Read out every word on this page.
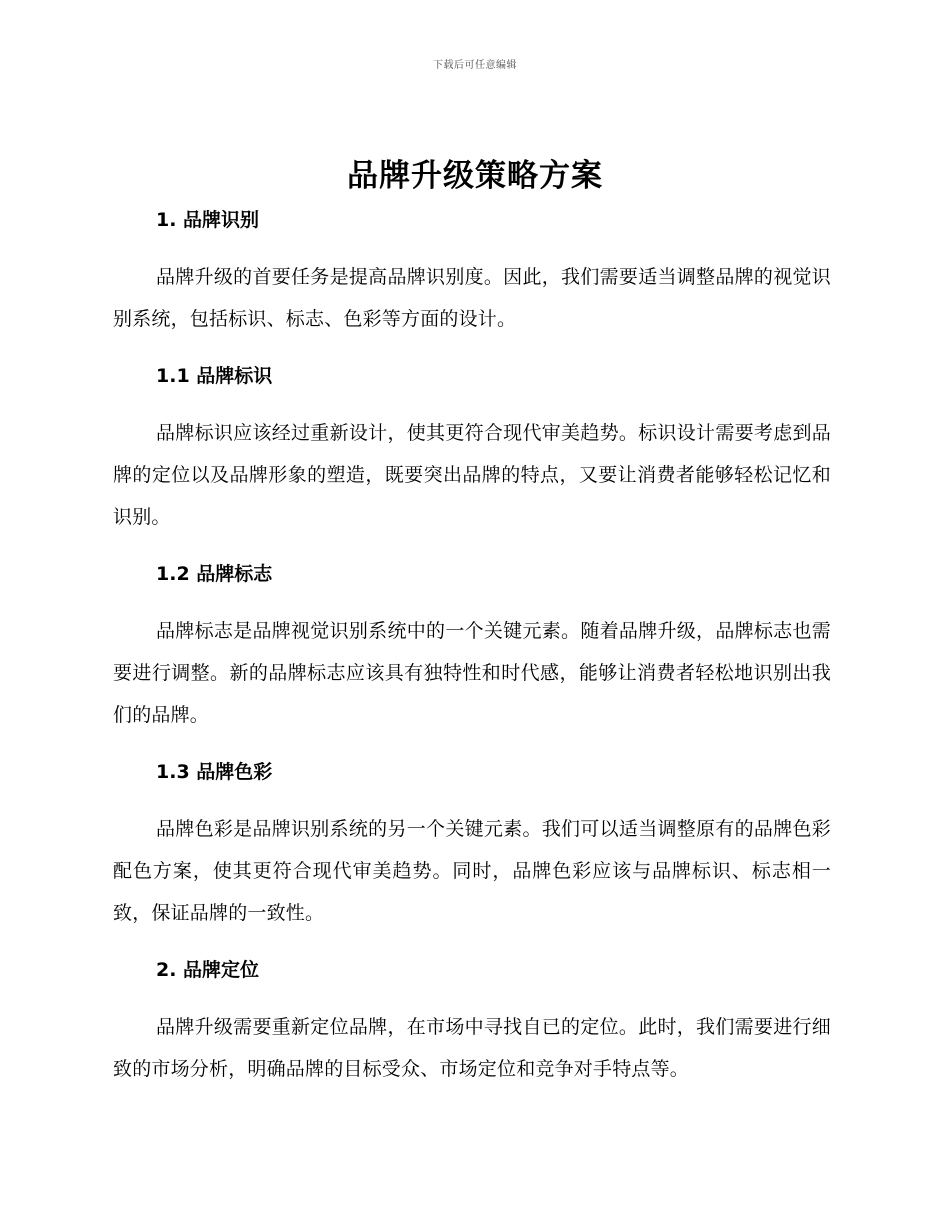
下载后可任意编辑
品牌升级策略方案
1. 品牌识别

品牌升级的首要任务是提高品牌识别度。因此，我们需要适当调整品牌的视觉识别系统，包括标识、标志、色彩等方面的设计。

1.1 品牌标识

品牌标识应该经过重新设计，使其更符合现代审美趋势。标识设计需要考虑到品牌的定位以及品牌形象的塑造，既要突出品牌的特点，又要让消费者能够轻松记忆和识别。

1.2 品牌标志

品牌标志是品牌视觉识别系统中的一个关键元素。随着品牌升级，品牌标志也需要进行调整。新的品牌标志应该具有独特性和时代感，能够让消费者轻松地识别出我们的品牌。

1.3 品牌色彩

品牌色彩是品牌识别系统的另一个关键元素。我们可以适当调整原有的品牌色彩配色方案，使其更符合现代审美趋势。同时，品牌色彩应该与品牌标识、标志相一致，保证品牌的一致性。

2. 品牌定位

品牌升级需要重新定位品牌，在市场中寻找自已的定位。此时，我们需要进行细致的市场分析，明确品牌的目标受众、市场定位和竞争对手特点等。
